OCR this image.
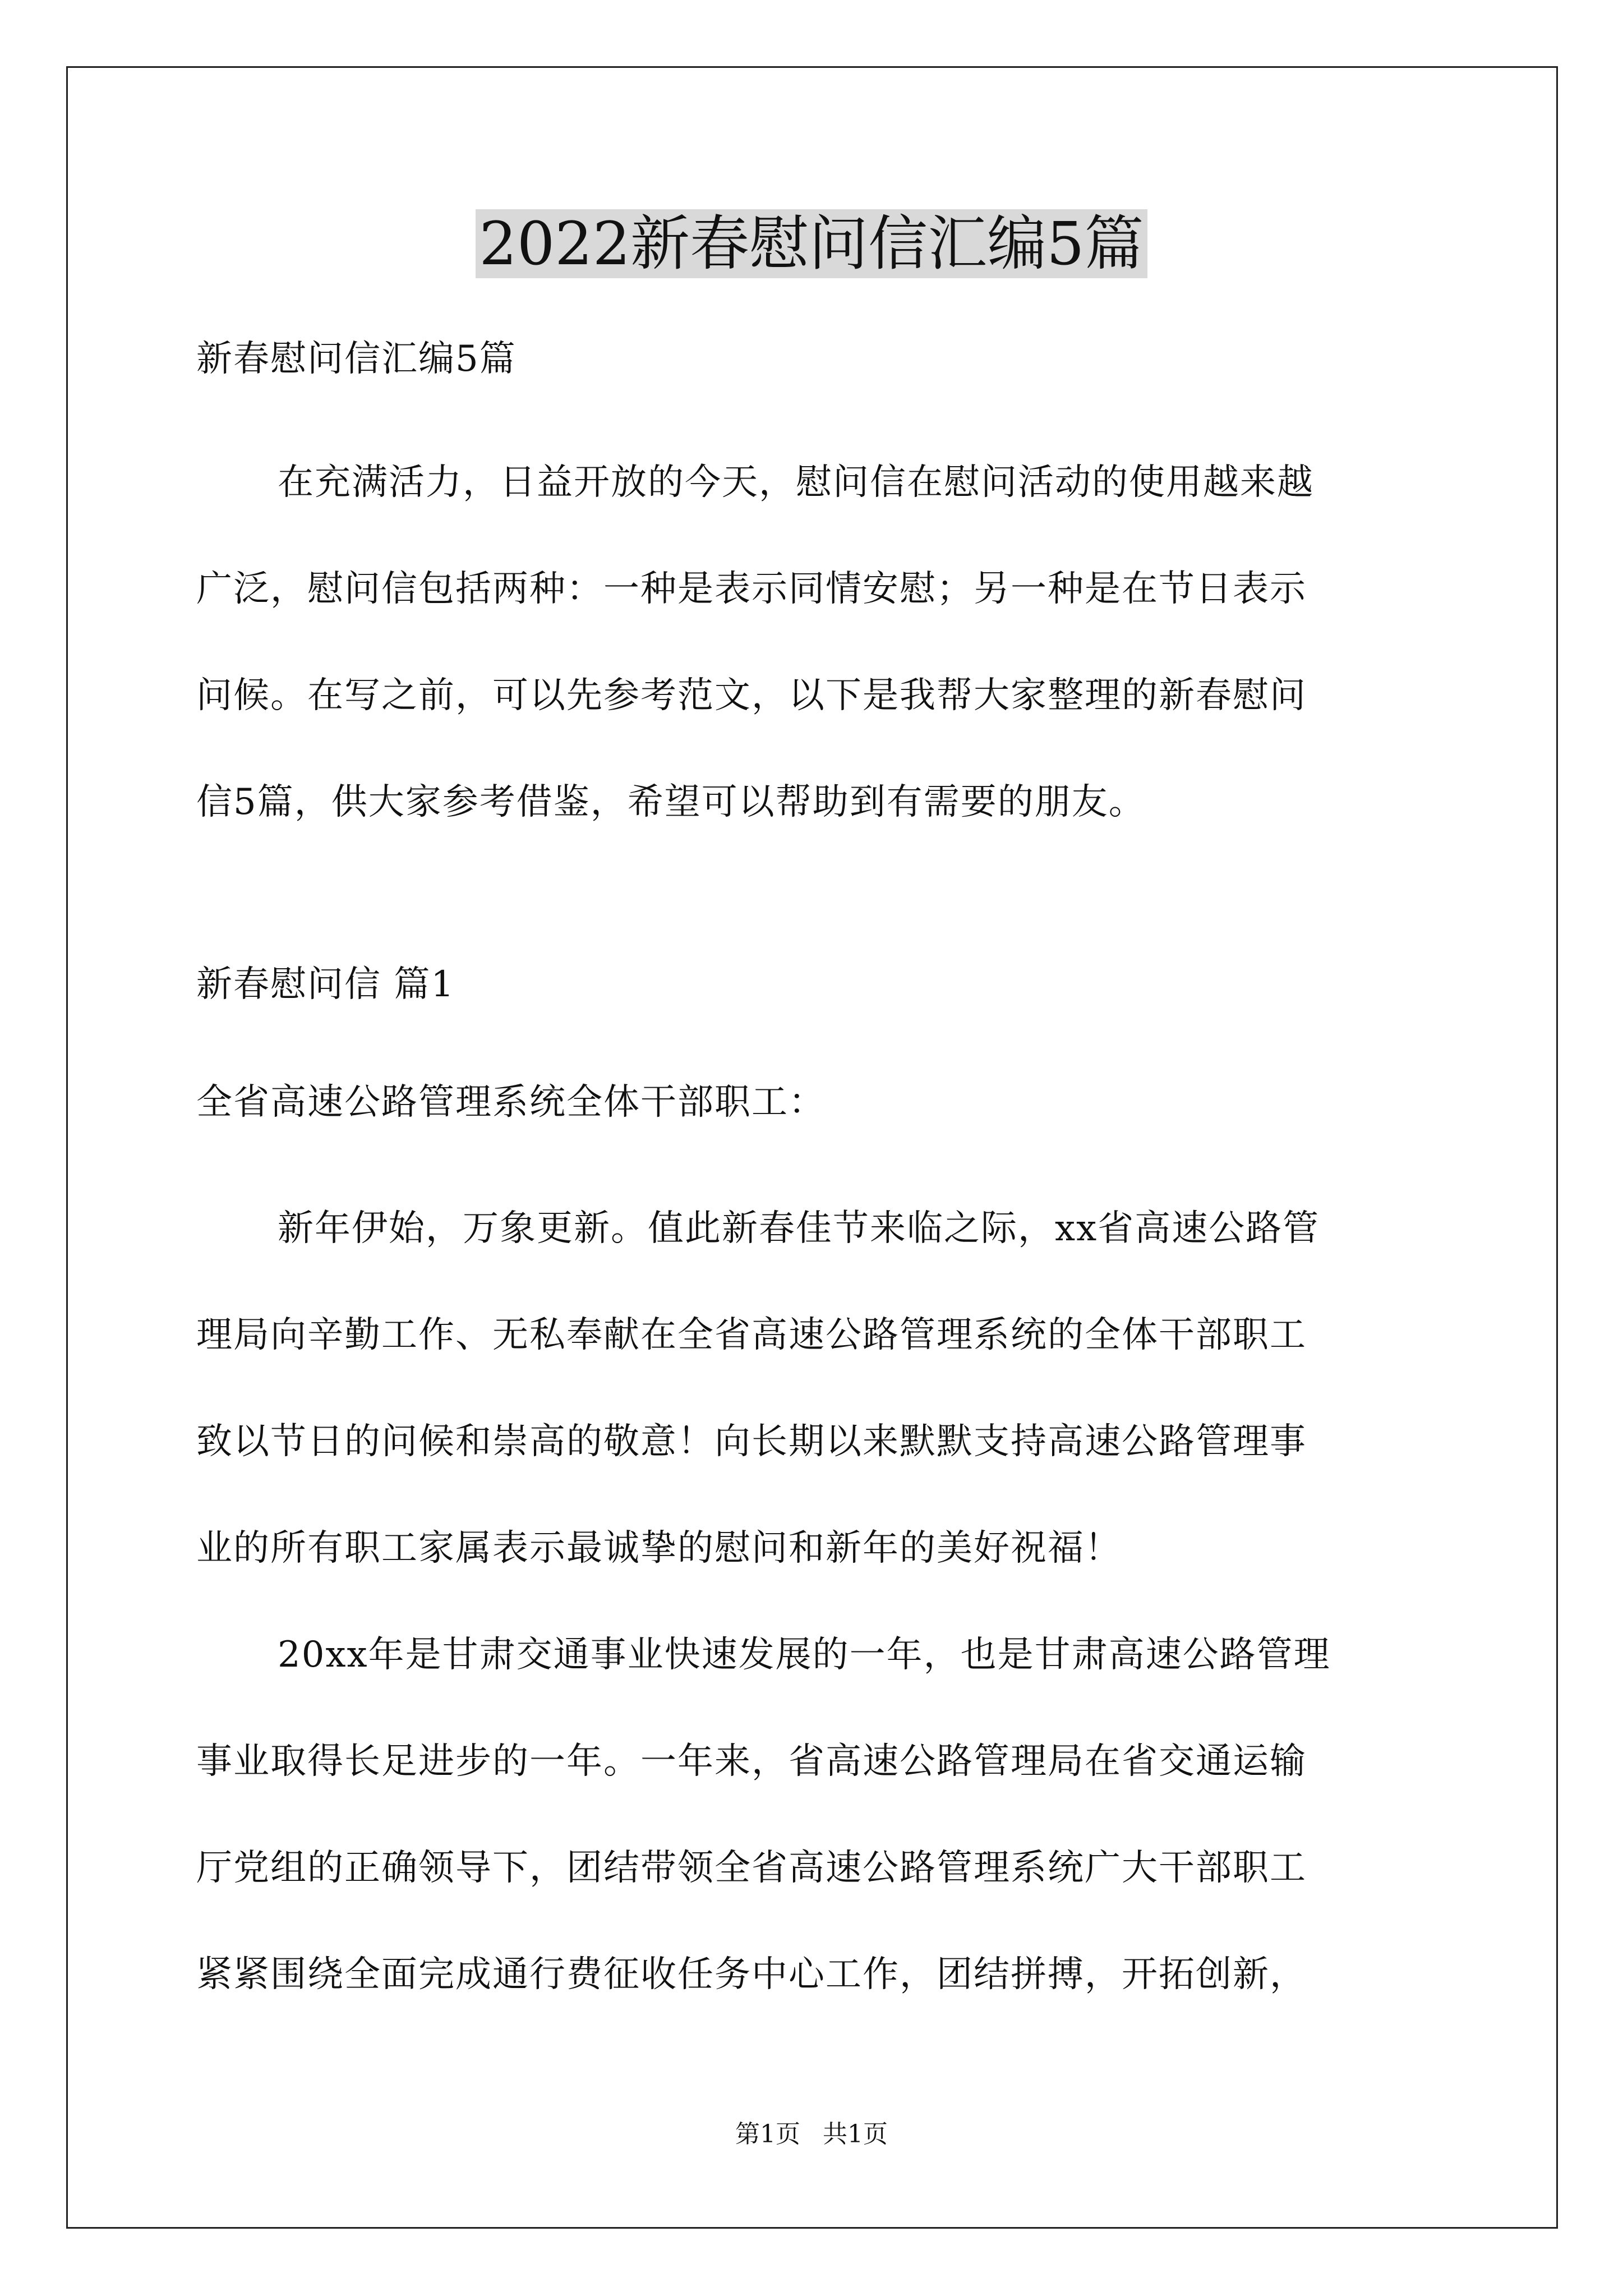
2022新春慰问信汇编5篇
新春慰问信汇编5篇
在充满活力，日益开放的今天，慰问信在慰问活动的使用越来越
广泛，慰问信包括两种：一种是表示同情安慰；另一种是在节日表示
问候。在写之前，可以先参考范文，以下是我帮大家整理的新春慰问
信5篇，供大家参考借鉴，希望可以帮助到有需要的朋友。
新春慰问信 篇1
全省高速公路管理系统全体干部职工：
新年伊始，万象更新。值此新春佳节来临之际，xx省高速公路管
理局向辛勤工作、无私奉献在全省高速公路管理系统的全体干部职工
致以节日的问候和崇高的敬意！向长期以来默默支持高速公路管理事
业的所有职工家属表示最诚挚的慰问和新年的美好祝福！
20xx年是甘肃交通事业快速发展的一年，也是甘肃高速公路管理
事业取得长足进步的一年。一年来，省高速公路管理局在省交通运输
厅党组的正确领导下，团结带领全省高速公路管理系统广大干部职工
紧紧围绕全面完成通行费征收任务中心工作，团结拼搏，开拓创新，
第1页 共1页
